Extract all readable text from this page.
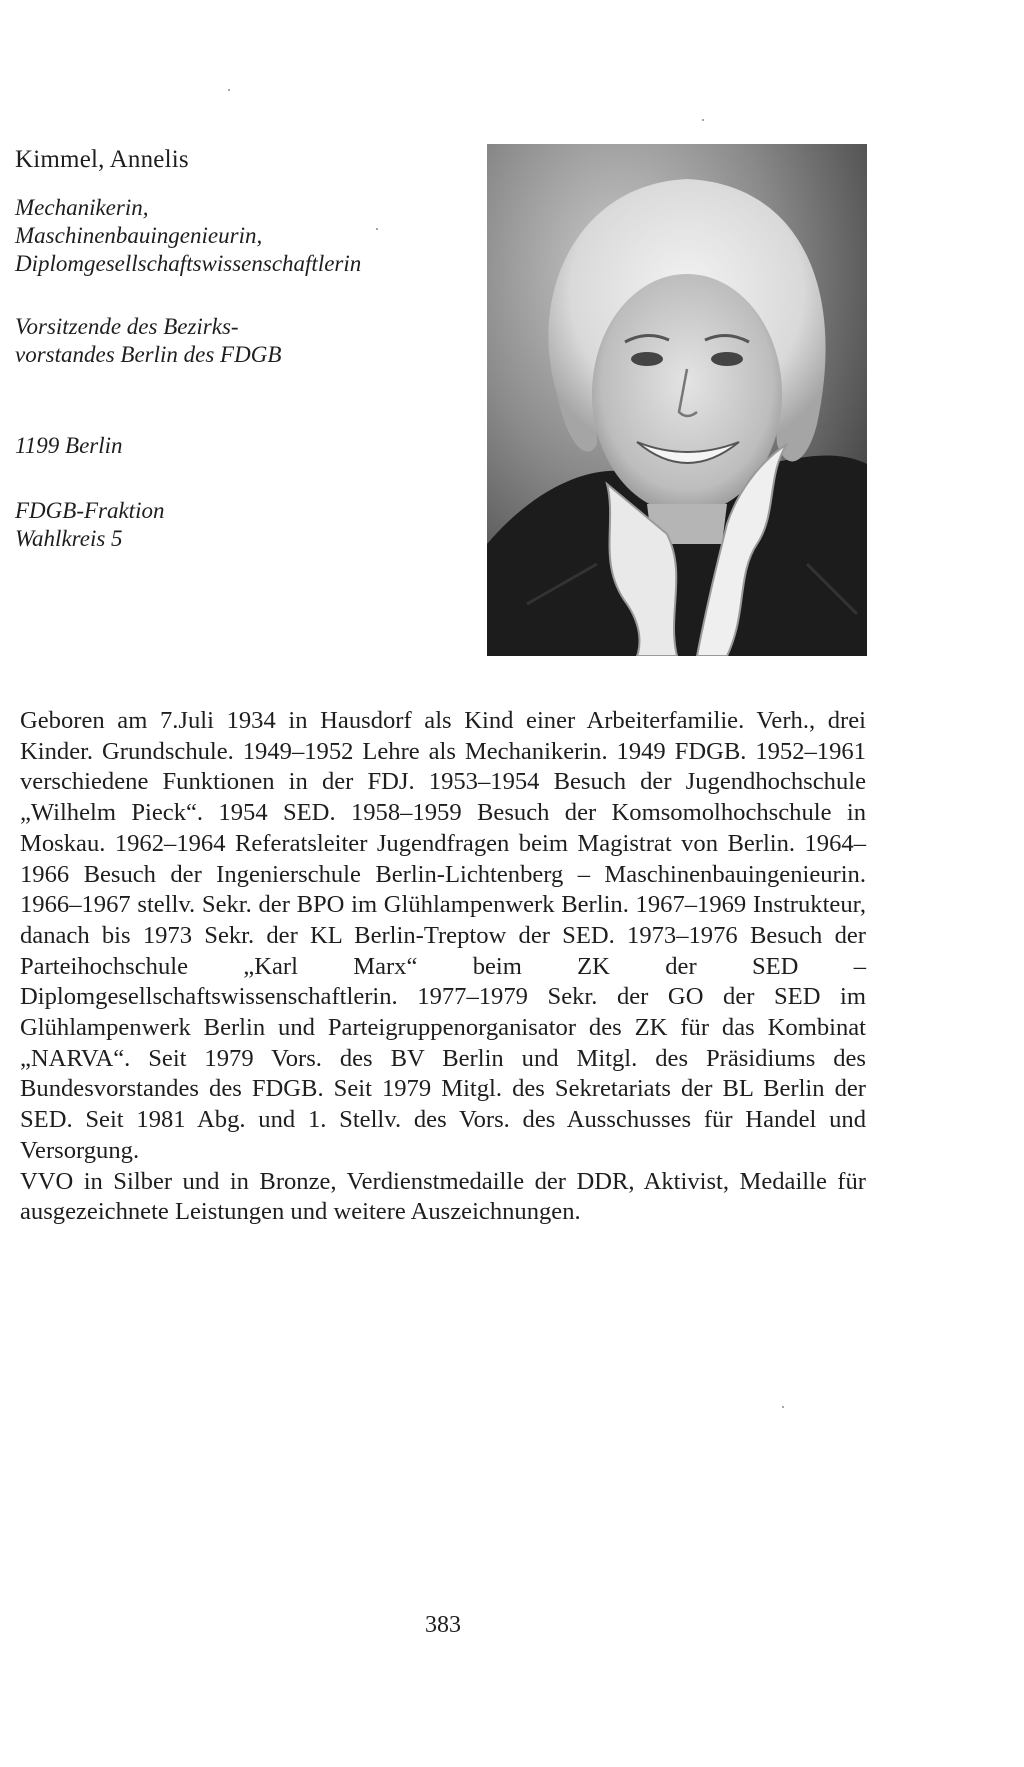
Kimmel, Annelis
Mechanikerin,
Maschinenbauingenieurin,
Diplomgesellschaftswissenschaftlerin
Vorsitzende des Bezirks-
vorstandes Berlin des FDGB
1199 Berlin
FDGB-Fraktion
Wahlkreis 5

Geboren am 7.Juli 1934 in Hausdorf als Kind einer Arbeiterfamilie. Verh., drei Kinder. Grundschule. 1949–1952 Lehre als Mechanikerin. 1949 FDGB. 1952–1961 verschiedene Funktionen in der FDJ. 1953–1954 Besuch der Jugendhochschule „Wilhelm Pieck“. 1954 SED. 1958–1959 Besuch der Komsomolhochschule in Moskau. 1962–1964 Referatsleiter Jugendfragen beim Magistrat von Berlin. 1964–1966 Besuch der Ingenierschule Berlin-Lichtenberg – Maschinenbauingenieurin. 1966–1967 stellv. Sekr. der BPO im Glühlampenwerk Berlin. 1967–1969 Instrukteur, danach bis 1973 Sekr. der KL Berlin-Treptow der SED. 1973–1976 Besuch der Parteihochschule „Karl Marx“ beim ZK der SED – Diplomgesellschaftswissenschaftlerin. 1977–1979 Sekr. der GO der SED im Glühlampenwerk Berlin und Parteigruppenorganisator des ZK für das Kombinat „NARVA“. Seit 1979 Vors. des BV Berlin und Mitgl. des Präsidiums des Bundesvorstandes des FDGB. Seit 1979 Mitgl. des Sekretariats der BL Berlin der SED. Seit 1981 Abg. und 1. Stellv. des Vors. des Ausschusses für Handel und Versorgung.

VVO in Silber und in Bronze, Verdienstmedaille der DDR, Aktivist, Medaille für ausgezeichnete Leistungen und weitere Auszeichnungen.

383
